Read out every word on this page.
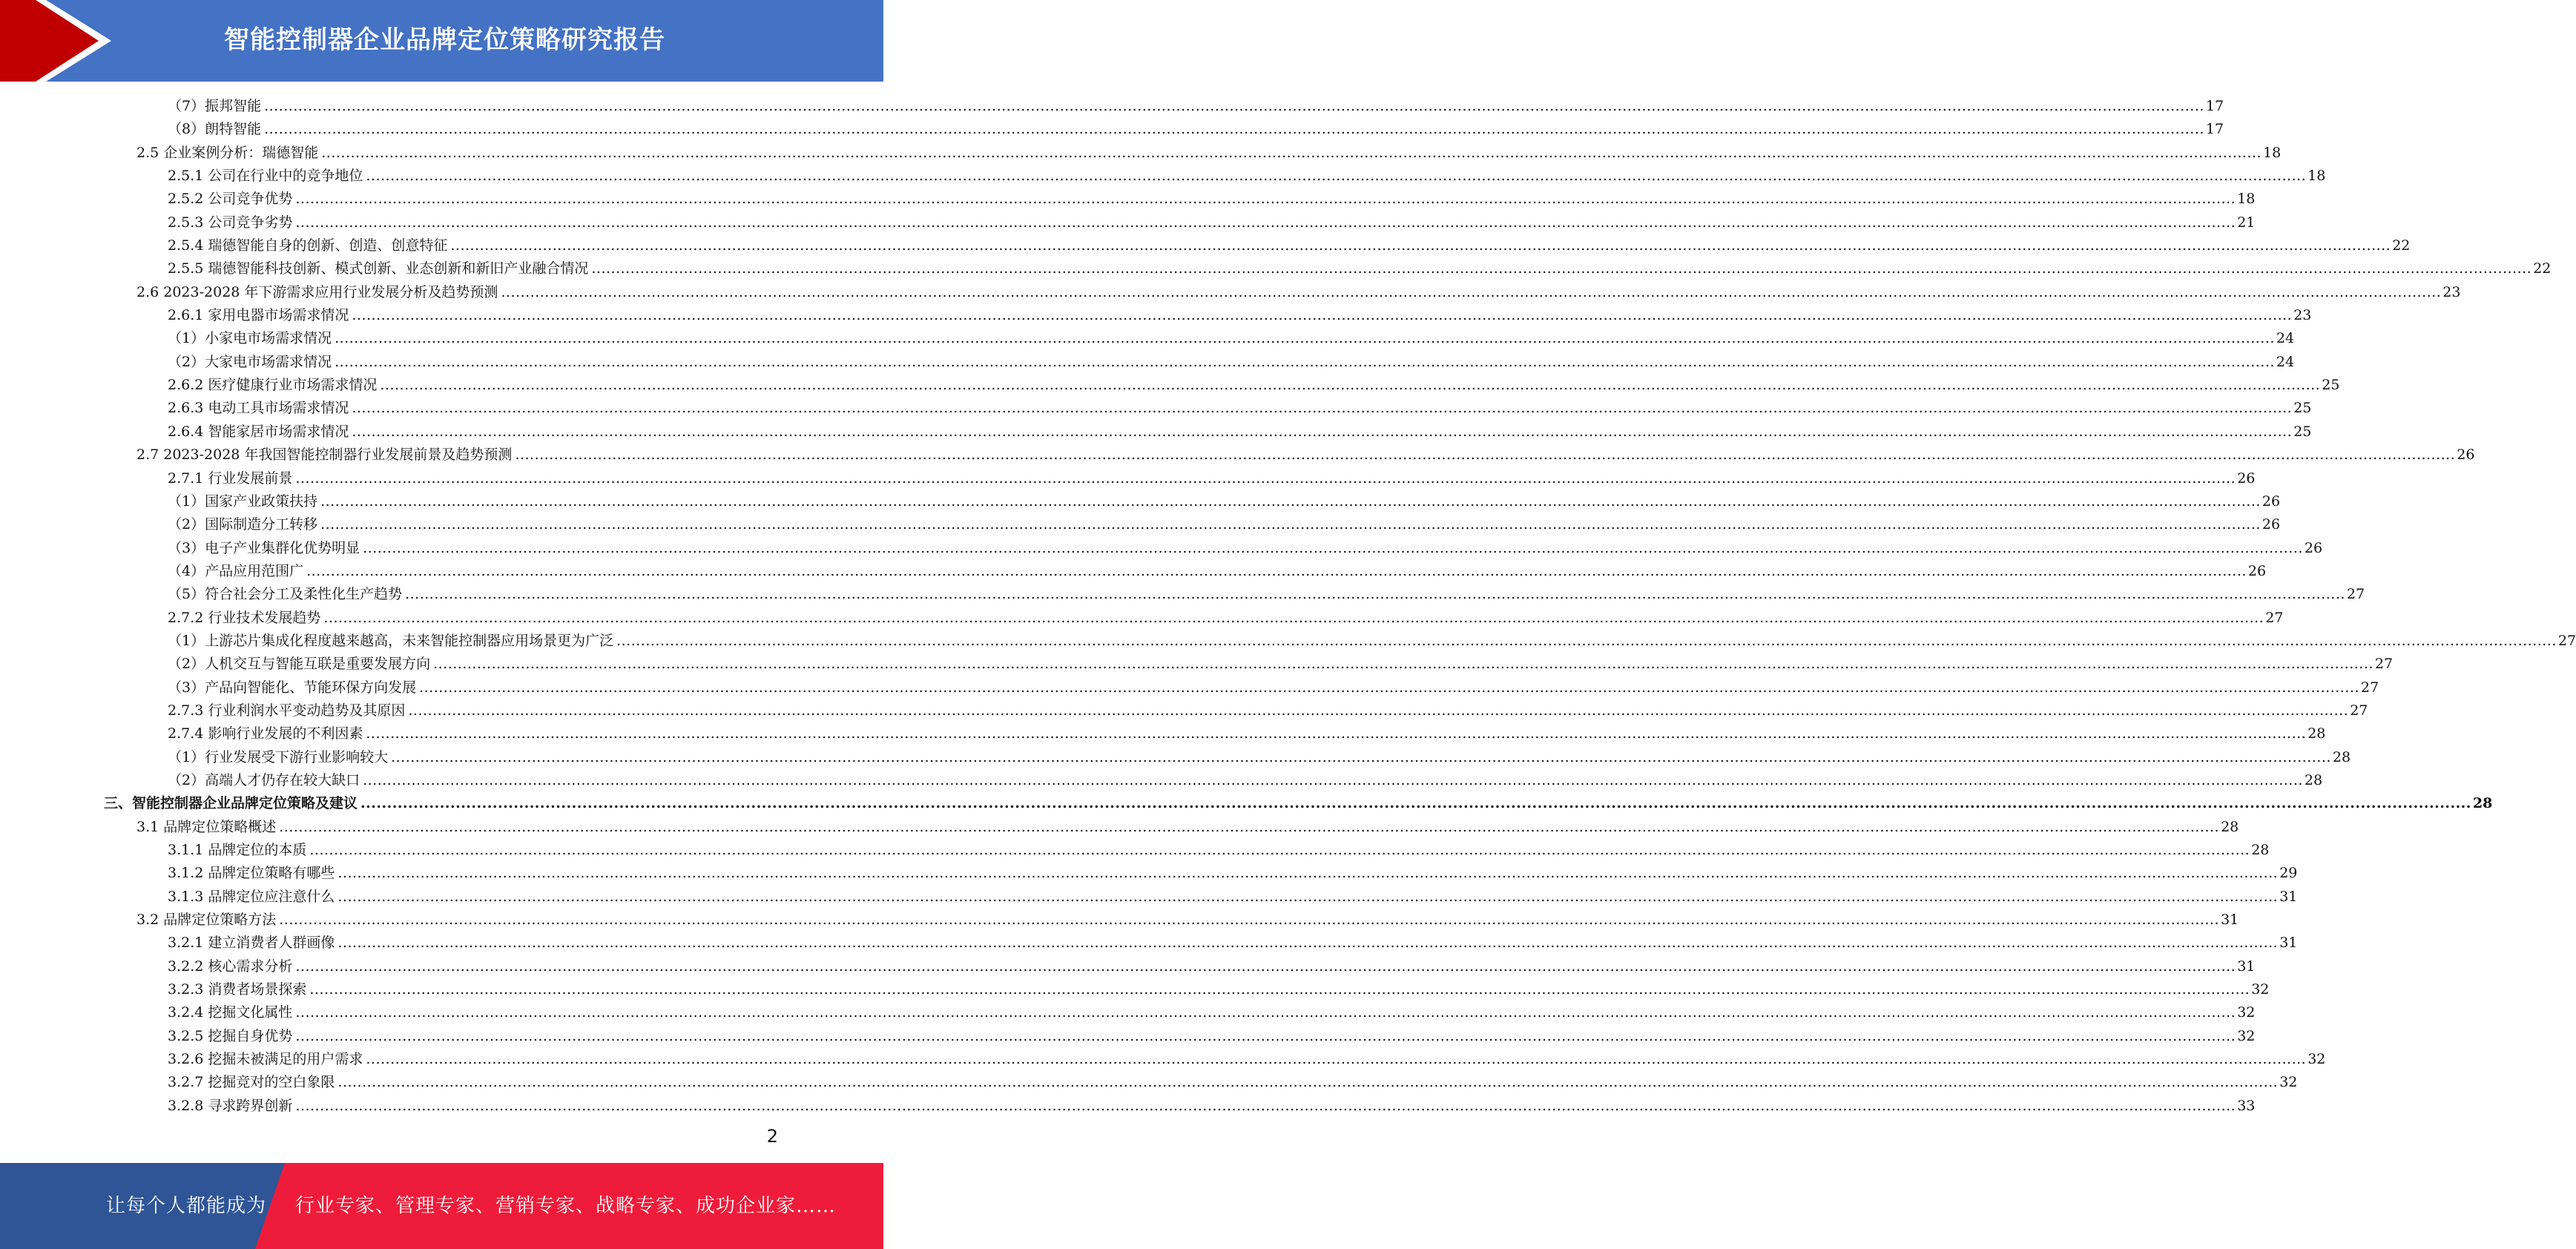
智能控制器企业品牌定位策略研究报告
（7）振邦智能 ................................................................................................................................................................................................................................................................................................................................................................................................................ 17
（8）朗特智能 ................................................................................................................................................................................................................................................................................................................................................................................................................ 17
2.5 企业案例分析：瑞德智能 ................................................................................................................................................................................................................................................................................................................................................................................................................ 18
2.5.1 公司在行业中的竞争地位 ................................................................................................................................................................................................................................................................................................................................................................................................................ 18
2.5.2 公司竞争优势 ................................................................................................................................................................................................................................................................................................................................................................................................................ 18
2.5.3 公司竞争劣势 ................................................................................................................................................................................................................................................................................................................................................................................................................ 21
2.5.4 瑞德智能自身的创新、创造、创意特征 ................................................................................................................................................................................................................................................................................................................................................................................................................ 22
2.5.5 瑞德智能科技创新、模式创新、业态创新和新旧产业融合情况 ................................................................................................................................................................................................................................................................................................................................................................................................................ 22
2.6 2023-2028 年下游需求应用行业发展分析及趋势预测 ................................................................................................................................................................................................................................................................................................................................................................................................................ 23
2.6.1 家用电器市场需求情况 ................................................................................................................................................................................................................................................................................................................................................................................................................ 23
（1）小家电市场需求情况 ................................................................................................................................................................................................................................................................................................................................................................................................................ 24
（2）大家电市场需求情况 ................................................................................................................................................................................................................................................................................................................................................................................................................ 24
2.6.2 医疗健康行业市场需求情况 ................................................................................................................................................................................................................................................................................................................................................................................................................ 25
2.6.3 电动工具市场需求情况 ................................................................................................................................................................................................................................................................................................................................................................................................................ 25
2.6.4 智能家居市场需求情况 ................................................................................................................................................................................................................................................................................................................................................................................................................ 25
2.7 2023-2028 年我国智能控制器行业发展前景及趋势预测 ................................................................................................................................................................................................................................................................................................................................................................................................................ 26
2.7.1 行业发展前景 ................................................................................................................................................................................................................................................................................................................................................................................................................ 26
（1）国家产业政策扶持 ................................................................................................................................................................................................................................................................................................................................................................................................................ 26
（2）国际制造分工转移 ................................................................................................................................................................................................................................................................................................................................................................................................................ 26
（3）电子产业集群化优势明显 ................................................................................................................................................................................................................................................................................................................................................................................................................ 26
（4）产品应用范围广 ................................................................................................................................................................................................................................................................................................................................................................................................................ 26
（5）符合社会分工及柔性化生产趋势 ................................................................................................................................................................................................................................................................................................................................................................................................................ 27
2.7.2 行业技术发展趋势 ................................................................................................................................................................................................................................................................................................................................................................................................................ 27
（1）上游芯片集成化程度越来越高，未来智能控制器应用场景更为广泛 ................................................................................................................................................................................................................................................................................................................................................................................................................ 27
（2）人机交互与智能互联是重要发展方向 ................................................................................................................................................................................................................................................................................................................................................................................................................ 27
（3）产品向智能化、节能环保方向发展 ................................................................................................................................................................................................................................................................................................................................................................................................................ 27
2.7.3 行业利润水平变动趋势及其原因 ................................................................................................................................................................................................................................................................................................................................................................................................................ 27
2.7.4 影响行业发展的不利因素 ................................................................................................................................................................................................................................................................................................................................................................................................................ 28
（1）行业发展受下游行业影响较大 ................................................................................................................................................................................................................................................................................................................................................................................................................ 28
（2）高端人才仍存在较大缺口 ................................................................................................................................................................................................................................................................................................................................................................................................................ 28
三、智能控制器企业品牌定位策略及建议 ................................................................................................................................................................................................................................................................................................................................................................................................................ 28
3.1 品牌定位策略概述 ................................................................................................................................................................................................................................................................................................................................................................................................................ 28
3.1.1 品牌定位的本质 ................................................................................................................................................................................................................................................................................................................................................................................................................ 28
3.1.2 品牌定位策略有哪些 ................................................................................................................................................................................................................................................................................................................................................................................................................ 29
3.1.3 品牌定位应注意什么 ................................................................................................................................................................................................................................................................................................................................................................................................................ 31
3.2 品牌定位策略方法 ................................................................................................................................................................................................................................................................................................................................................................................................................ 31
3.2.1 建立消费者人群画像 ................................................................................................................................................................................................................................................................................................................................................................................................................ 31
3.2.2 核心需求分析 ................................................................................................................................................................................................................................................................................................................................................................................................................ 31
3.2.3 消费者场景探索 ................................................................................................................................................................................................................................................................................................................................................................................................................ 32
3.2.4 挖掘文化属性 ................................................................................................................................................................................................................................................................................................................................................................................................................ 32
3.2.5 挖掘自身优势 ................................................................................................................................................................................................................................................................................................................................................................................................................ 32
3.2.6 挖掘未被满足的用户需求 ................................................................................................................................................................................................................................................................................................................................................................................................................ 32
3.2.7 挖掘竞对的空白象限 ................................................................................................................................................................................................................................................................................................................................................................................................................ 32
3.2.8 寻求跨界创新 ................................................................................................................................................................................................................................................................................................................................................................................................................ 33
2
让每个人都能成为 行业专家、管理专家、营销专家、战略专家、成功企业家……
